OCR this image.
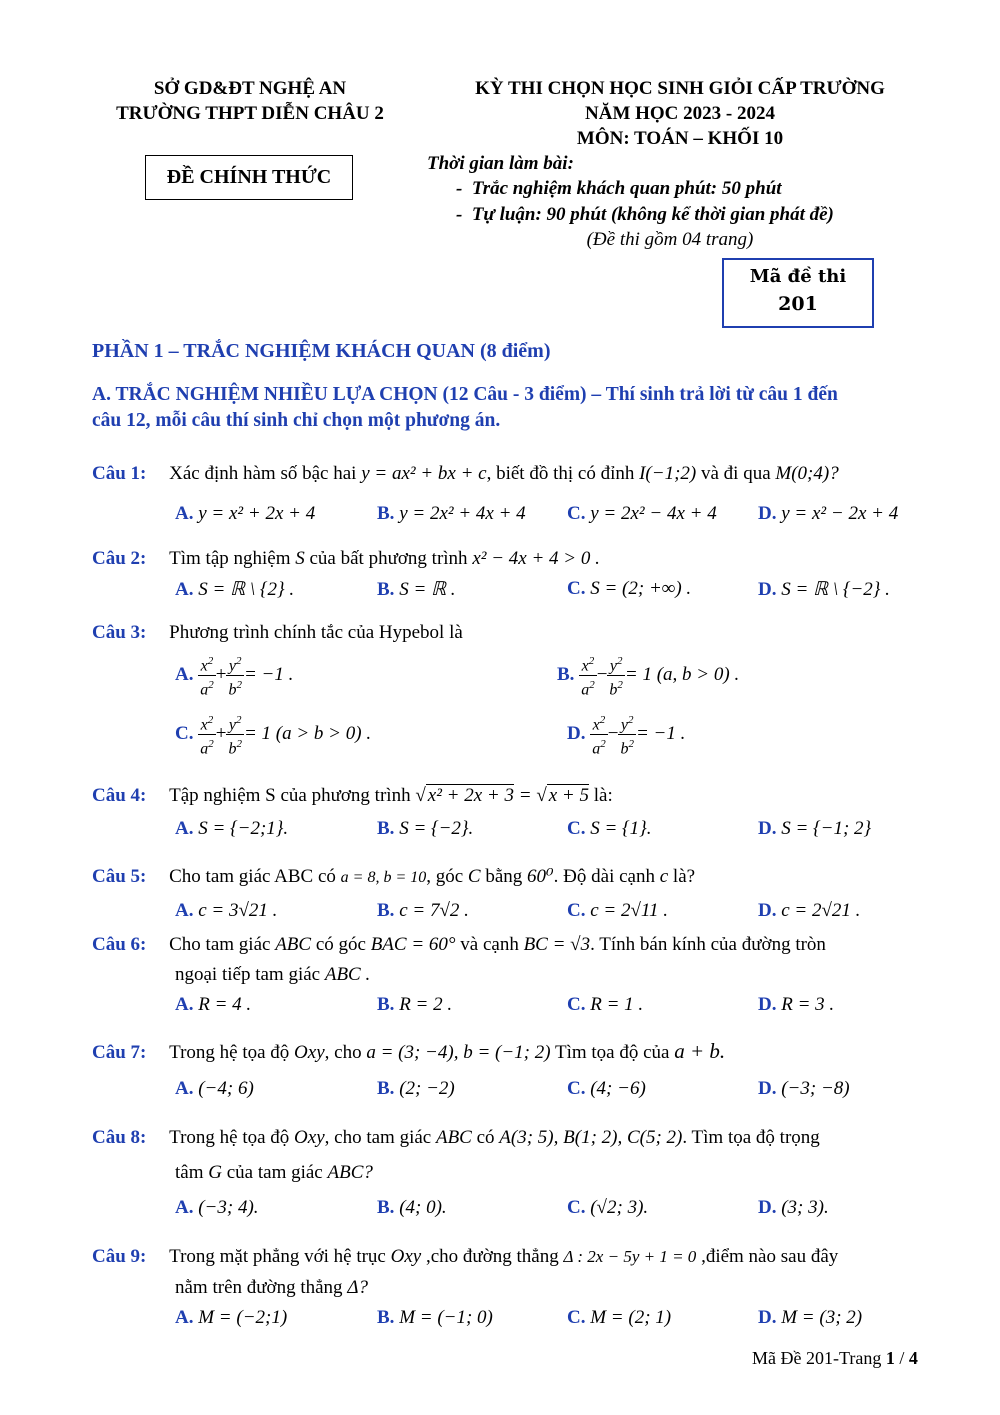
SỞ GD&ĐT NGHỆ AN
TRƯỜNG THPT DIỄN CHÂU 2
ĐỀ CHÍNH THỨC
KỲ THI CHỌN HỌC SINH GIỎI CẤP TRƯỜNG
NĂM HỌC 2023 - 2024
MÔN: TOÁN – KHỐI 10
Thời gian làm bài:
-  Trắc nghiệm khách quan phút: 50 phút
-  Tự luận: 90 phút (không kể thời gian phát đề)
(Đề thi gồm 04 trang)
Mã đề thi
201
PHẦN 1 – TRẮC NGHIỆM KHÁCH QUAN (8 điểm)
A. TRẮC NGHIỆM NHIỀU LỰA CHỌN (12 Câu - 3 điểm) – Thí sinh trả lời từ câu 1 đến
câu 12, mỗi câu thí sinh chỉ chọn một phương án.
Câu 1: Xác định hàm số bậc hai y = ax² + bx + c, biết đồ thị có đỉnh I(−1;2) và đi qua M(0;4)?
A. y = x² + 2x + 4	B. y = 2x² + 4x + 4 C. y = 2x² − 4x + 4 D. y = x² − 2x + 4
Câu 2: Tìm tập nghiệm S của bất phương trình x² − 4x + 4 > 0 .
A. S = ℝ \ {2} .	B. S = ℝ .	C. S = (2; +∞) .	D. S = ℝ \ {−2} .
Câu 3: Phương trình chính tắc của Hypebol là
A. $\frac{x^2}{a^2} + \frac{y^2}{b^2} = -1$ .	B. $\frac{x^2}{a^2} - \frac{y^2}{b^2} = 1$ (a, b > 0) .
C. $\frac{x^2}{a^2} + \frac{y^2}{b^2} = 1$ (a > b > 0) .	D. $\frac{x^2}{a^2} - \frac{y^2}{b^2} = -1$ .
Câu 4: Tập nghiệm S của phương trình √ x² + 2x + 3 = √ x + 5 là:
A. S = {−2;1}.	B. S = {−2}.	C. S = {1}.	D. S = {−1; 2}
Câu 5: Cho tam giác ABC có a = 8, b = 10, góc C bằng 60⁰. Độ dài cạnh c là?
A. c = 3√21 .	B. c = 7√2 .	C. c = 2√11 .	D. c = 2√21 .
Câu 6: Cho tam giác ABC có góc BAC = 60° và cạnh BC = √3. Tính bán kính của đường tròn
ngoại tiếp tam giác ABC .
A. R = 4 .	B. R = 2 .	C. R = 1 .	D. R = 3 .
Câu 7: Trong hệ tọa độ Oxy, cho a = (3; −4), b = (−1; 2) Tìm tọa độ của a + b.
A. (−4; 6)	B. (2; −2)	C. (4; −6)	D. (−3; −8)
Câu 8: Trong hệ tọa độ Oxy, cho tam giác ABC có A(3; 5), B(1; 2), C(5; 2). Tìm tọa độ trọng
tâm G của tam giác ABC?
A. (−3; 4).	B. (4; 0).	C. (√2; 3).	D. (3; 3).
Câu 9: Trong mặt phẳng với hệ trục Oxy ,cho đường thẳng Δ : 2x − 5y + 1 = 0 ,điểm nào sau đây
nằm trên đường thẳng Δ?
A. M = (−2;1)	B. M = (−1; 0)	C. M = (2; 1)	D. M = (3; 2)
Mã Đề 201-Trang 1 / 4
